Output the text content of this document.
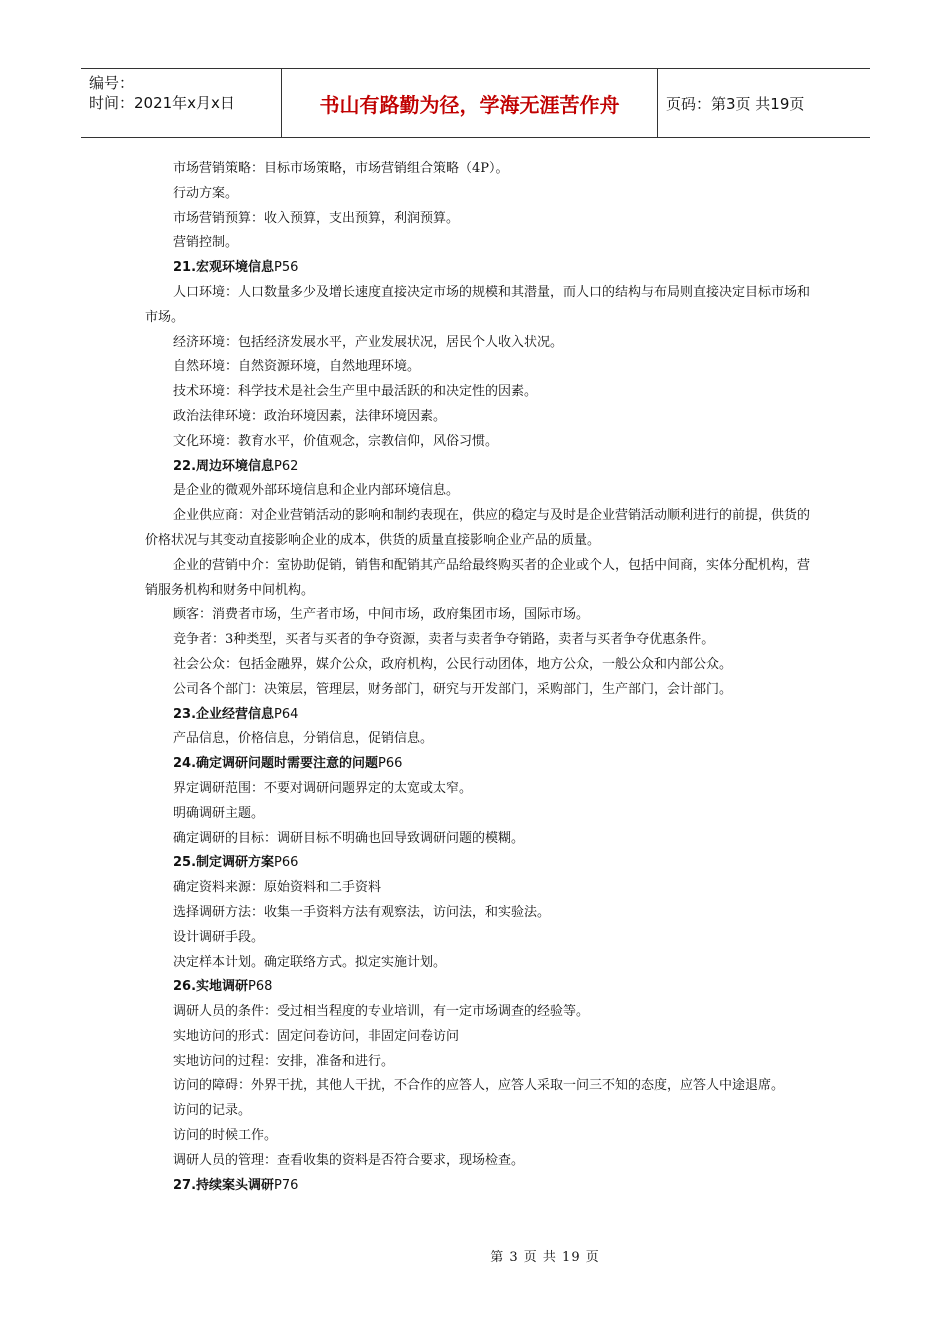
编号：
时间：2021年x月x日	书山有路勤为径，学海无涯苦作舟	页码：第3页 共19页

市场营销策略：目标市场策略，市场营销组合策略（4P）。

行动方案。

市场营销预算：收入预算，支出预算，利润预算。

营销控制。

21.宏观环境信息P56

人口环境：人口数量多少及增长速度直接决定市场的规模和其潜量，而人口的结构与布局则直接决定目标市场和市场。

经济环境：包括经济发展水平，产业发展状况，居民个人收入状况。

自然环境：自然资源环境，自然地理环境。

技术环境：科学技术是社会生产里中最活跃的和决定性的因素。

政治法律环境：政治环境因素，法律环境因素。

文化环境：教育水平，价值观念，宗教信仰，风俗习惯。

22.周边环境信息P62

是企业的微观外部环境信息和企业内部环境信息。

企业供应商：对企业营销活动的影响和制约表现在，供应的稳定与及时是企业营销活动顺利进行的前提，供货的价格状况与其变动直接影响企业的成本，供货的质量直接影响企业产品的质量。

企业的营销中介：室协助促销，销售和配销其产品给最终购买者的企业或个人，包括中间商，实体分配机构，营销服务机构和财务中间机构。

顾客：消费者市场，生产者市场，中间市场，政府集团市场，国际市场。

竞争者：3种类型，买者与买者的争夺资源，卖者与卖者争夺销路，卖者与买者争夺优惠条件。

社会公众：包括金融界，媒介公众，政府机构，公民行动团体，地方公众，一般公众和内部公众。

公司各个部门：决策层，管理层，财务部门，研究与开发部门，采购部门，生产部门，会计部门。

23.企业经营信息P64

产品信息，价格信息，分销信息，促销信息。

24.确定调研问题时需要注意的问题P66

界定调研范围：不要对调研问题界定的太宽或太窄。

明确调研主题。

确定调研的目标：调研目标不明确也回导致调研问题的模糊。

25.制定调研方案P66

确定资料来源：原始资料和二手资料

选择调研方法：收集一手资料方法有观察法，访问法，和实验法。

设计调研手段。

决定样本计划。确定联络方式。拟定实施计划。

26.实地调研P68

调研人员的条件：受过相当程度的专业培训，有一定市场调查的经验等。

实地访问的形式：固定问卷访问，非固定问卷访问

实地访问的过程：安排，准备和进行。

访问的障碍：外界干扰，其他人干扰，不合作的应答人，应答人采取一问三不知的态度，应答人中途退席。

访问的记录。

访问的时候工作。

调研人员的管理：查看收集的资料是否符合要求，现场检查。

27.持续案头调研P76

第 3 页 共 19 页
